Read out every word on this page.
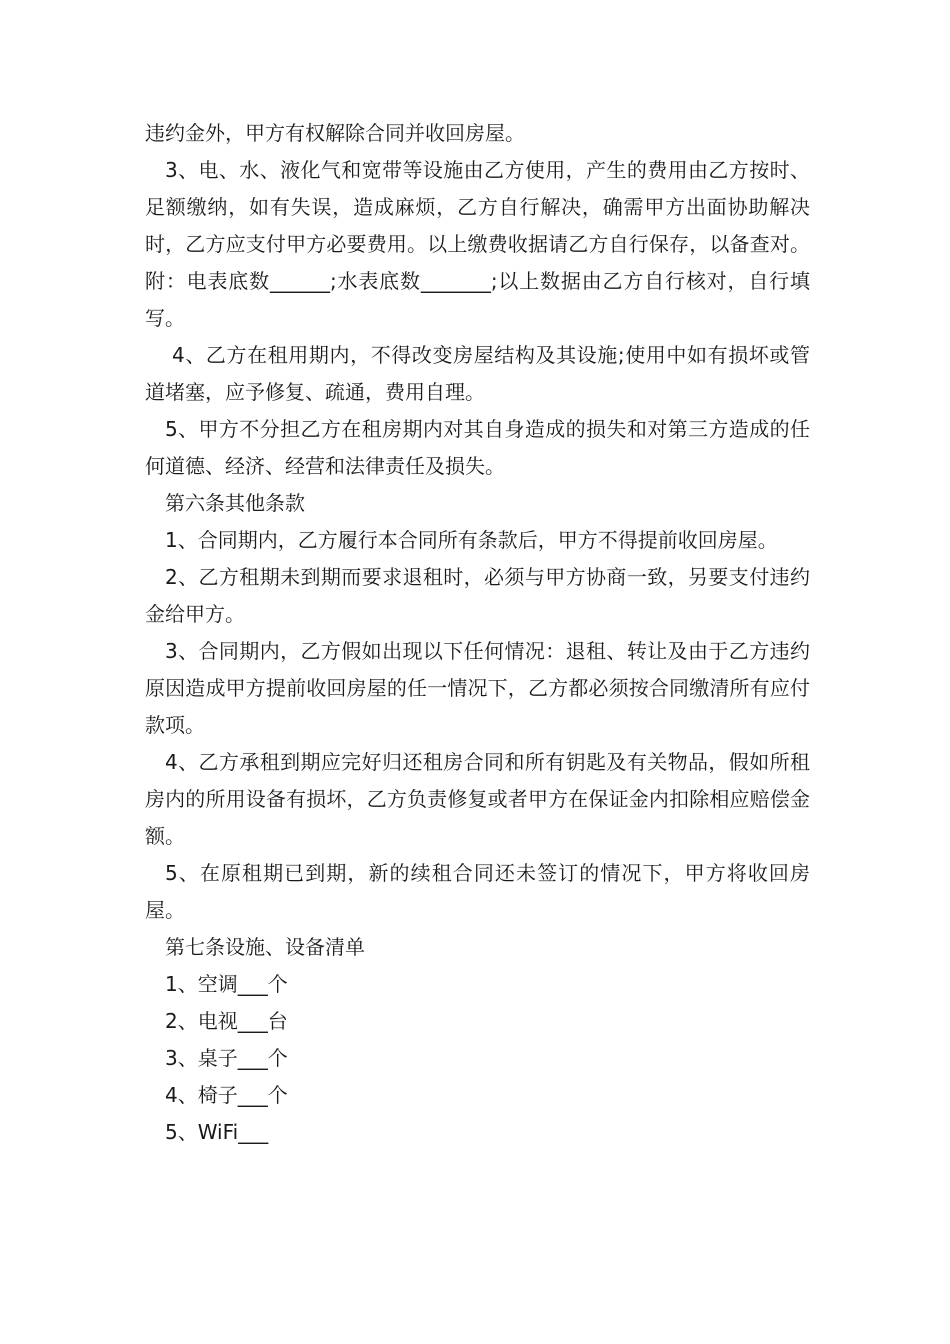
违约金外，甲方有权解除合同并收回房屋。

3、电、水、液化气和宽带等设施由乙方使用，产生的费用由乙方按时、足额缴纳，如有失误，造成麻烦，乙方自行解决，确需甲方出面协助解决时，乙方应支付甲方必要费用。以上缴费收据请乙方自行保存，以备查对。附：电表底数______;水表底数_______;以上数据由乙方自行核对，自行填写。

4、乙方在租用期内，不得改变房屋结构及其设施;使用中如有损坏或管道堵塞，应予修复、疏通，费用自理。

5、甲方不分担乙方在租房期内对其自身造成的损失和对第三方造成的任何道德、经济、经营和法律责任及损失。

第六条其他条款

1、合同期内，乙方履行本合同所有条款后，甲方不得提前收回房屋。

2、乙方租期未到期而要求退租时，必须与甲方协商一致，另要支付违约金给甲方。

3、合同期内，乙方假如出现以下任何情况：退租、转让及由于乙方违约原因造成甲方提前收回房屋的任一情况下，乙方都必须按合同缴清所有应付款项。

4、乙方承租到期应完好归还租房合同和所有钥匙及有关物品，假如所租房内的所用设备有损坏，乙方负责修复或者甲方在保证金内扣除相应赔偿金额。

5、在原租期已到期，新的续租合同还未签订的情况下，甲方将收回房屋。

第七条设施、设备清单

1、空调___个

2、电视___台

3、桌子___个

4、椅子___个

5、WiFi___
